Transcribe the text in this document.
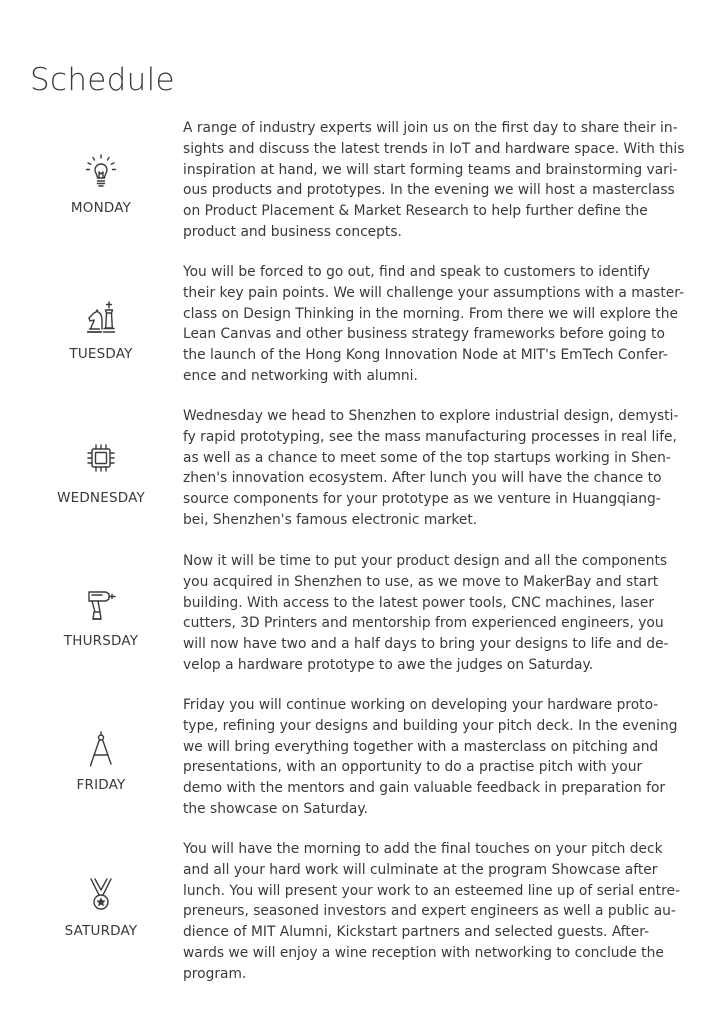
Schedule
MONDAY

A range of industry experts will join us on the first day to share their in-
sights and discuss the latest trends in IoT and hardware space. With this
inspiration at hand, we will start forming teams and brainstorming vari-
ous products and prototypes. In the evening we will host a masterclass
on Product Placement & Market Research to help further define the
product and business concepts.

TUESDAY

You will be forced to go out, find and speak to customers to identify
their key pain points. We will challenge your assumptions with a master-
class on Design Thinking in the morning. From there we will explore the
Lean Canvas and other business strategy frameworks before going to
the launch of the Hong Kong Innovation Node at MIT's EmTech Confer-
ence and networking with alumni.

WEDNESDAY

Wednesday we head to Shenzhen to explore industrial design, demysti-
fy rapid prototyping, see the mass manufacturing processes in real life,
as well as a chance to meet some of the top startups working in Shen-
zhen's innovation ecosystem. After lunch you will have the chance to
source components for your prototype as we venture in Huangqiang-
bei, Shenzhen's famous electronic market.

THURSDAY

Now it will be time to put your product design and all the components
you acquired in Shenzhen to use, as we move to MakerBay and start
building. With access to the latest power tools, CNC machines, laser
cutters, 3D Printers and mentorship from experienced engineers, you
will now have two and a half days to bring your designs to life and de-
velop a hardware prototype to awe the judges on Saturday.

FRIDAY

Friday you will continue working on developing your hardware proto-
type, refining your designs and building your pitch deck. In the evening
we will bring everything together with a masterclass on pitching and
presentations, with an opportunity to do a practise pitch with your
demo with the mentors and gain valuable feedback in preparation for
the showcase on Saturday.

SATURDAY

You will have the morning to add the final touches on your pitch deck
and all your hard work will culminate at the program Showcase after
lunch. You will present your work to an esteemed line up of serial entre-
preneurs, seasoned investors and expert engineers as well a public au-
dience of MIT Alumni, Kickstart partners and selected guests. After-
wards we will enjoy a wine reception with networking to conclude the
program.
